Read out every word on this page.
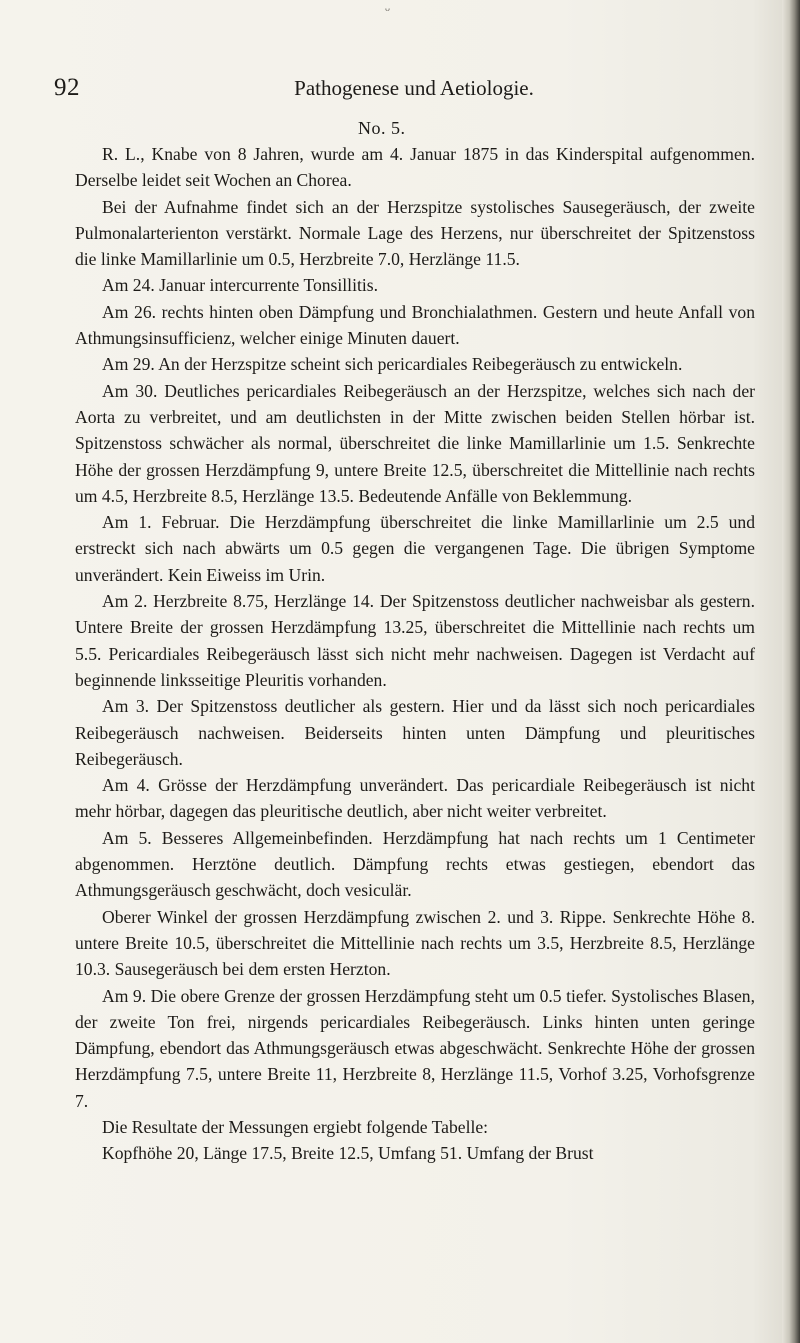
ᴗ
92	Pathogenese und Aetiologie.
No. 5.

R. L., Knabe von 8 Jahren, wurde am 4. Januar 1875 in das Kinderspital aufgenommen. Derselbe leidet seit Wochen an Chorea.

Bei der Aufnahme findet sich an der Herzspitze systolisches Sausegeräusch, der zweite Pulmonalarterienton verstärkt. Normale Lage des Herzens, nur überschreitet der Spitzenstoss die linke Mamillarlinie um 0.5, Herzbreite 7.0, Herzlänge 11.5.

Am 24. Januar intercurrente Tonsillitis.

Am 26. rechts hinten oben Dämpfung und Bronchialathmen. Gestern und heute Anfall von Athmungsinsufficienz, welcher einige Minuten dauert.

Am 29. An der Herzspitze scheint sich pericardiales Reibegeräusch zu entwickeln.

Am 30. Deutliches pericardiales Reibegeräusch an der Herzspitze, welches sich nach der Aorta zu verbreitet, und am deutlichsten in der Mitte zwischen beiden Stellen hörbar ist. Spitzenstoss schwächer als normal, überschreitet die linke Mamillarlinie um 1.5. Senkrechte Höhe der grossen Herzdämpfung 9, untere Breite 12.5, überschreitet die Mittellinie nach rechts um 4.5, Herzbreite 8.5, Herzlänge 13.5. Bedeutende Anfälle von Beklemmung.

Am 1. Februar. Die Herzdämpfung überschreitet die linke Mamillarlinie um 2.5 und erstreckt sich nach abwärts um 0.5 gegen die vergangenen Tage. Die übrigen Symptome unverändert. Kein Eiweiss im Urin.

Am 2. Herzbreite 8.75, Herzlänge 14. Der Spitzenstoss deutlicher nachweisbar als gestern. Untere Breite der grossen Herzdämpfung 13.25, überschreitet die Mittellinie nach rechts um 5.5. Pericardiales Reibegeräusch lässt sich nicht mehr nachweisen. Dagegen ist Verdacht auf beginnende linksseitige Pleuritis vorhanden.

Am 3. Der Spitzenstoss deutlicher als gestern. Hier und da lässt sich noch pericardiales Reibegeräusch nachweisen. Beiderseits hinten unten Dämpfung und pleuritisches Reibegeräusch.

Am 4. Grösse der Herzdämpfung unverändert. Das pericardiale Reibegeräusch ist nicht mehr hörbar, dagegen das pleuritische deutlich, aber nicht weiter verbreitet.

Am 5. Besseres Allgemeinbefinden. Herzdämpfung hat nach rechts um 1 Centimeter abgenommen. Herztöne deutlich. Dämpfung rechts etwas gestiegen, ebendort das Athmungsgeräusch geschwächt, doch vesiculär.

Oberer Winkel der grossen Herzdämpfung zwischen 2. und 3. Rippe. Senkrechte Höhe 8. untere Breite 10.5, überschreitet die Mittellinie nach rechts um 3.5, Herzbreite 8.5, Herzlänge 10.3. Sausegeräusch bei dem ersten Herzton.

Am 9. Die obere Grenze der grossen Herzdämpfung steht um 0.5 tiefer. Systolisches Blasen, der zweite Ton frei, nirgends pericardiales Reibegeräusch. Links hinten unten geringe Dämpfung, ebendort das Athmungsgeräusch etwas abgeschwächt. Senkrechte Höhe der grossen Herzdämpfung 7.5, untere Breite 11, Herzbreite 8, Herzlänge 11.5, Vorhof 3.25, Vorhofsgrenze 7.

Die Resultate der Messungen ergiebt folgende Tabelle:

Kopfhöhe 20, Länge 17.5, Breite 12.5, Umfang 51. Umfang der Brust
